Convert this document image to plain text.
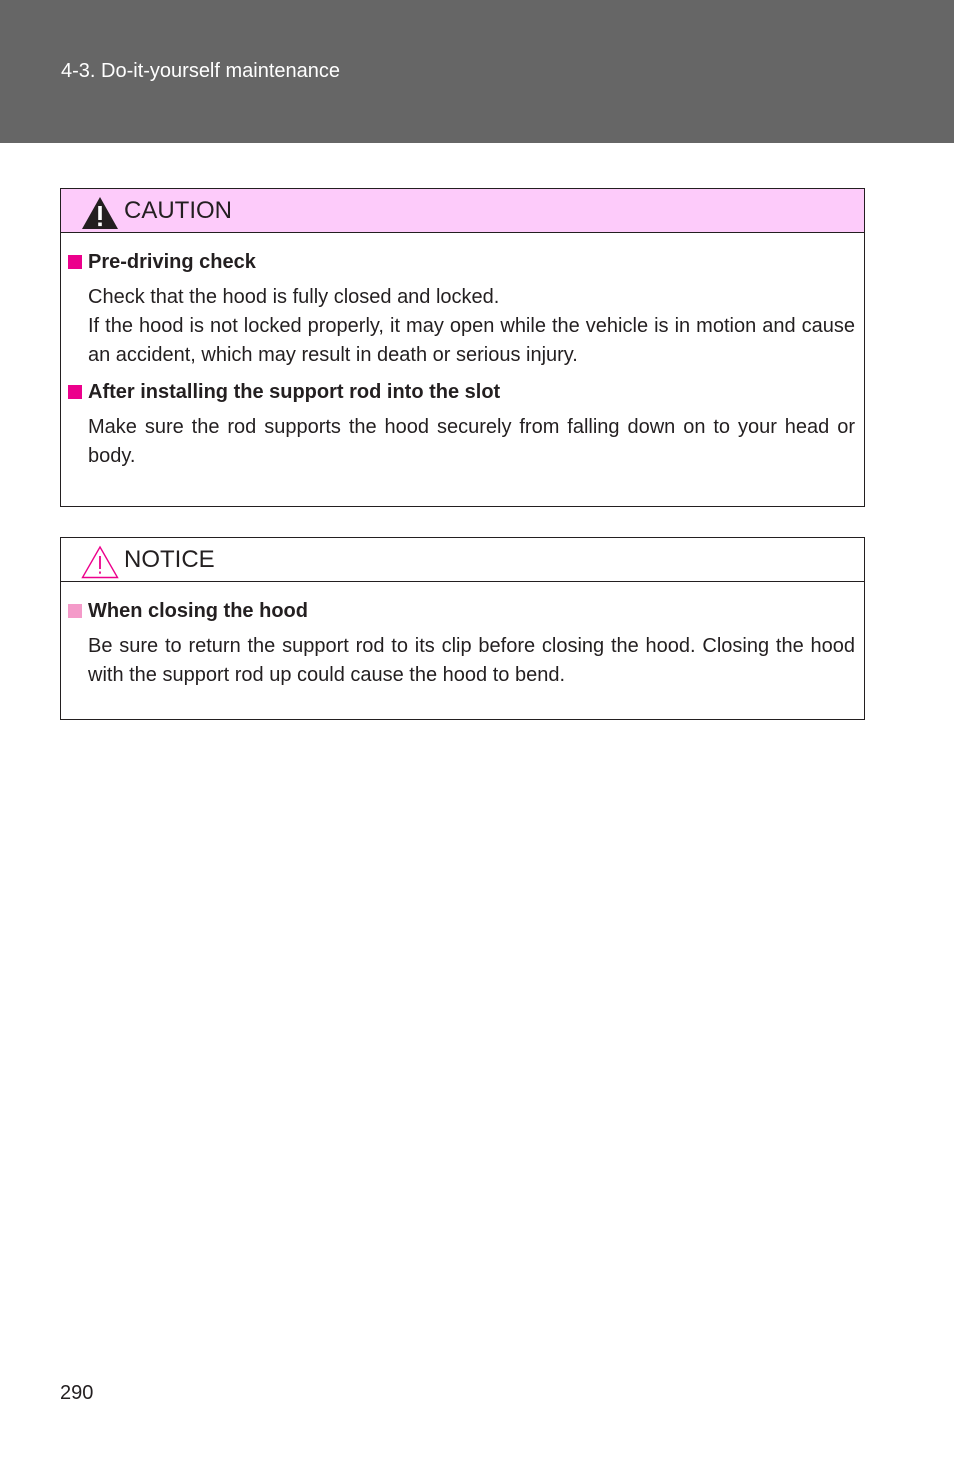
4-3. Do-it-yourself maintenance
CAUTION
Pre-driving check

Check that the hood is fully closed and locked.

If the hood is not locked properly, it may open while the vehicle is in motion and cause an accident, which may result in death or serious injury.

After installing the support rod into the slot

Make sure the rod supports the hood securely from falling down on to your head or body.

NOTICE
When closing the hood

Be sure to return the support rod to its clip before closing the hood. Closing the hood with the support rod up could cause the hood to bend.

290
